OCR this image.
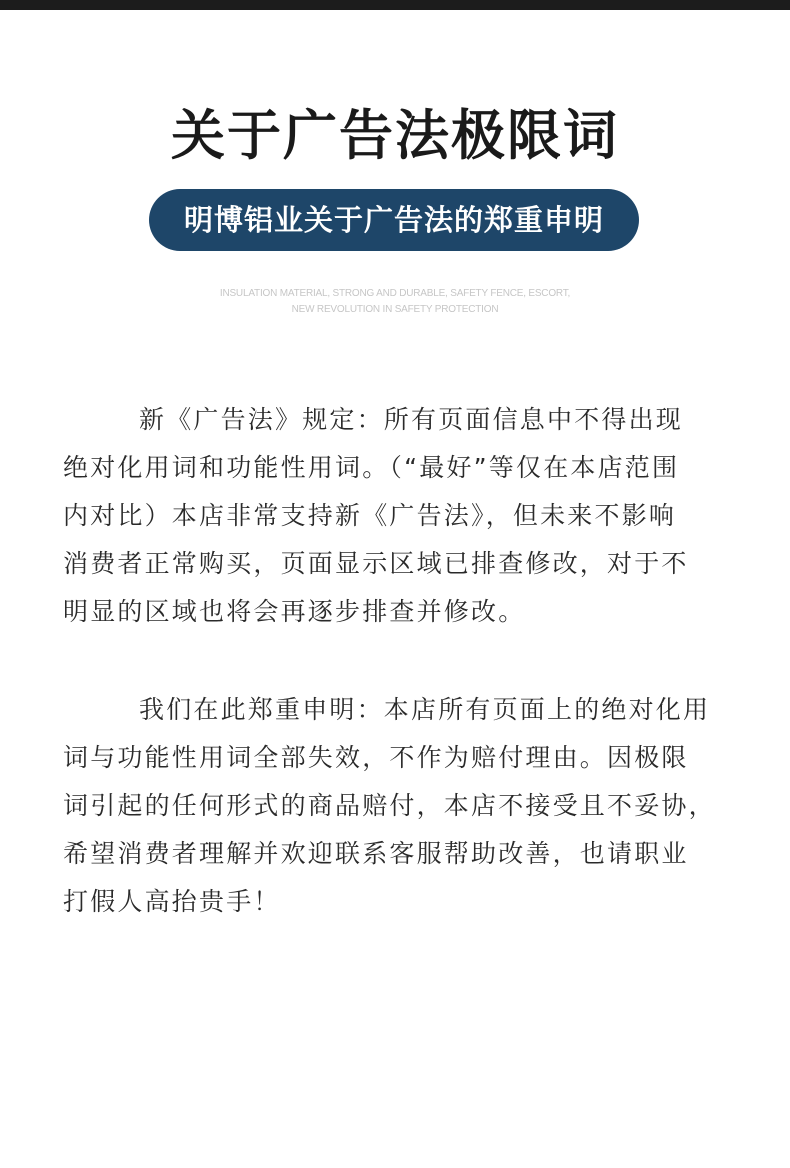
关于广告法极限词
明博铝业关于广告法的郑重申明
INSULATION MATERIAL, STRONG AND DURABLE, SAFETY FENCE, ESCORT,
NEW REVOLUTION IN SAFETY PROTECTION
新《广告法》规定：所有页面信息中不得出现
绝对化用词和功能性用词。（“最好”等仅在本店范围
内对比）本店非常支持新《广告法》，但未来不影响
消费者正常购买，页面显示区域已排查修改，对于不
明显的区域也将会再逐步排查并修改。
我们在此郑重申明：本店所有页面上的绝对化用
词与功能性用词全部失效，不作为赔付理由。因极限
词引起的任何形式的商品赔付，本店不接受且不妥协，
希望消费者理解并欢迎联系客服帮助改善，也请职业
打假人高抬贵手！
